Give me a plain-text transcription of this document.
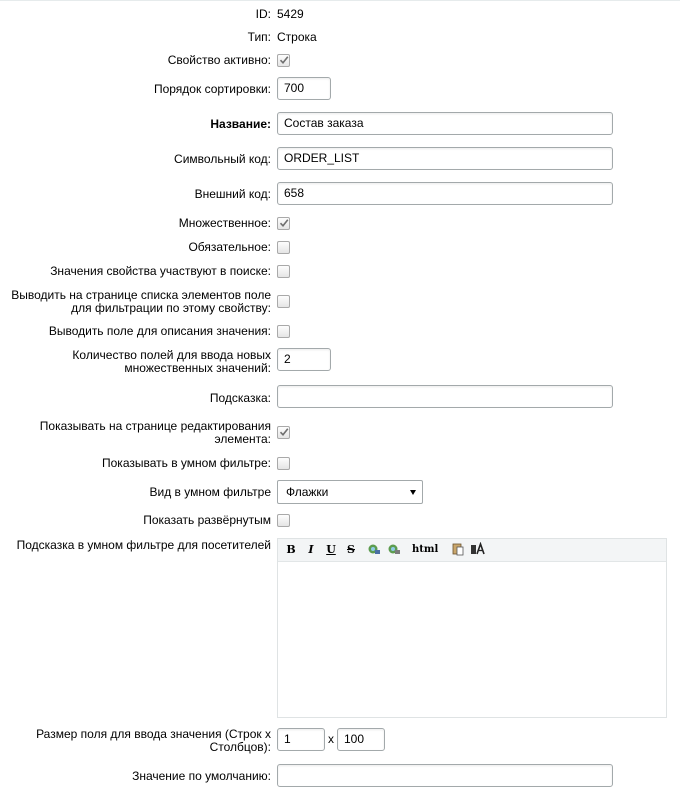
ID: 5429
Тип: Строка
Свойство активно:
Порядок сортировки:	700
Название:	Состав заказа
Символьный код:	ORDER_LIST
Внешний код:	658
Множественное:
Обязательное:
Значения свойства участвуют в поиске:
Выводить на странице списка элементов поле для фильтрации по этому свойству:
Выводить поле для описания значения:
Количество полей для ввода новых множественных значений:
2
Подсказка:
Показывать на странице редактирования элемента:
Показывать в умном фильтре:
Вид в умном фильтре	Флажки
Показать развёрнутым
Подсказка в умном фильтре для посетителей B I U S	html
Размер поля для ввода значения (Строк x Столбцов):
1	x 100
Значение по умолчанию:
